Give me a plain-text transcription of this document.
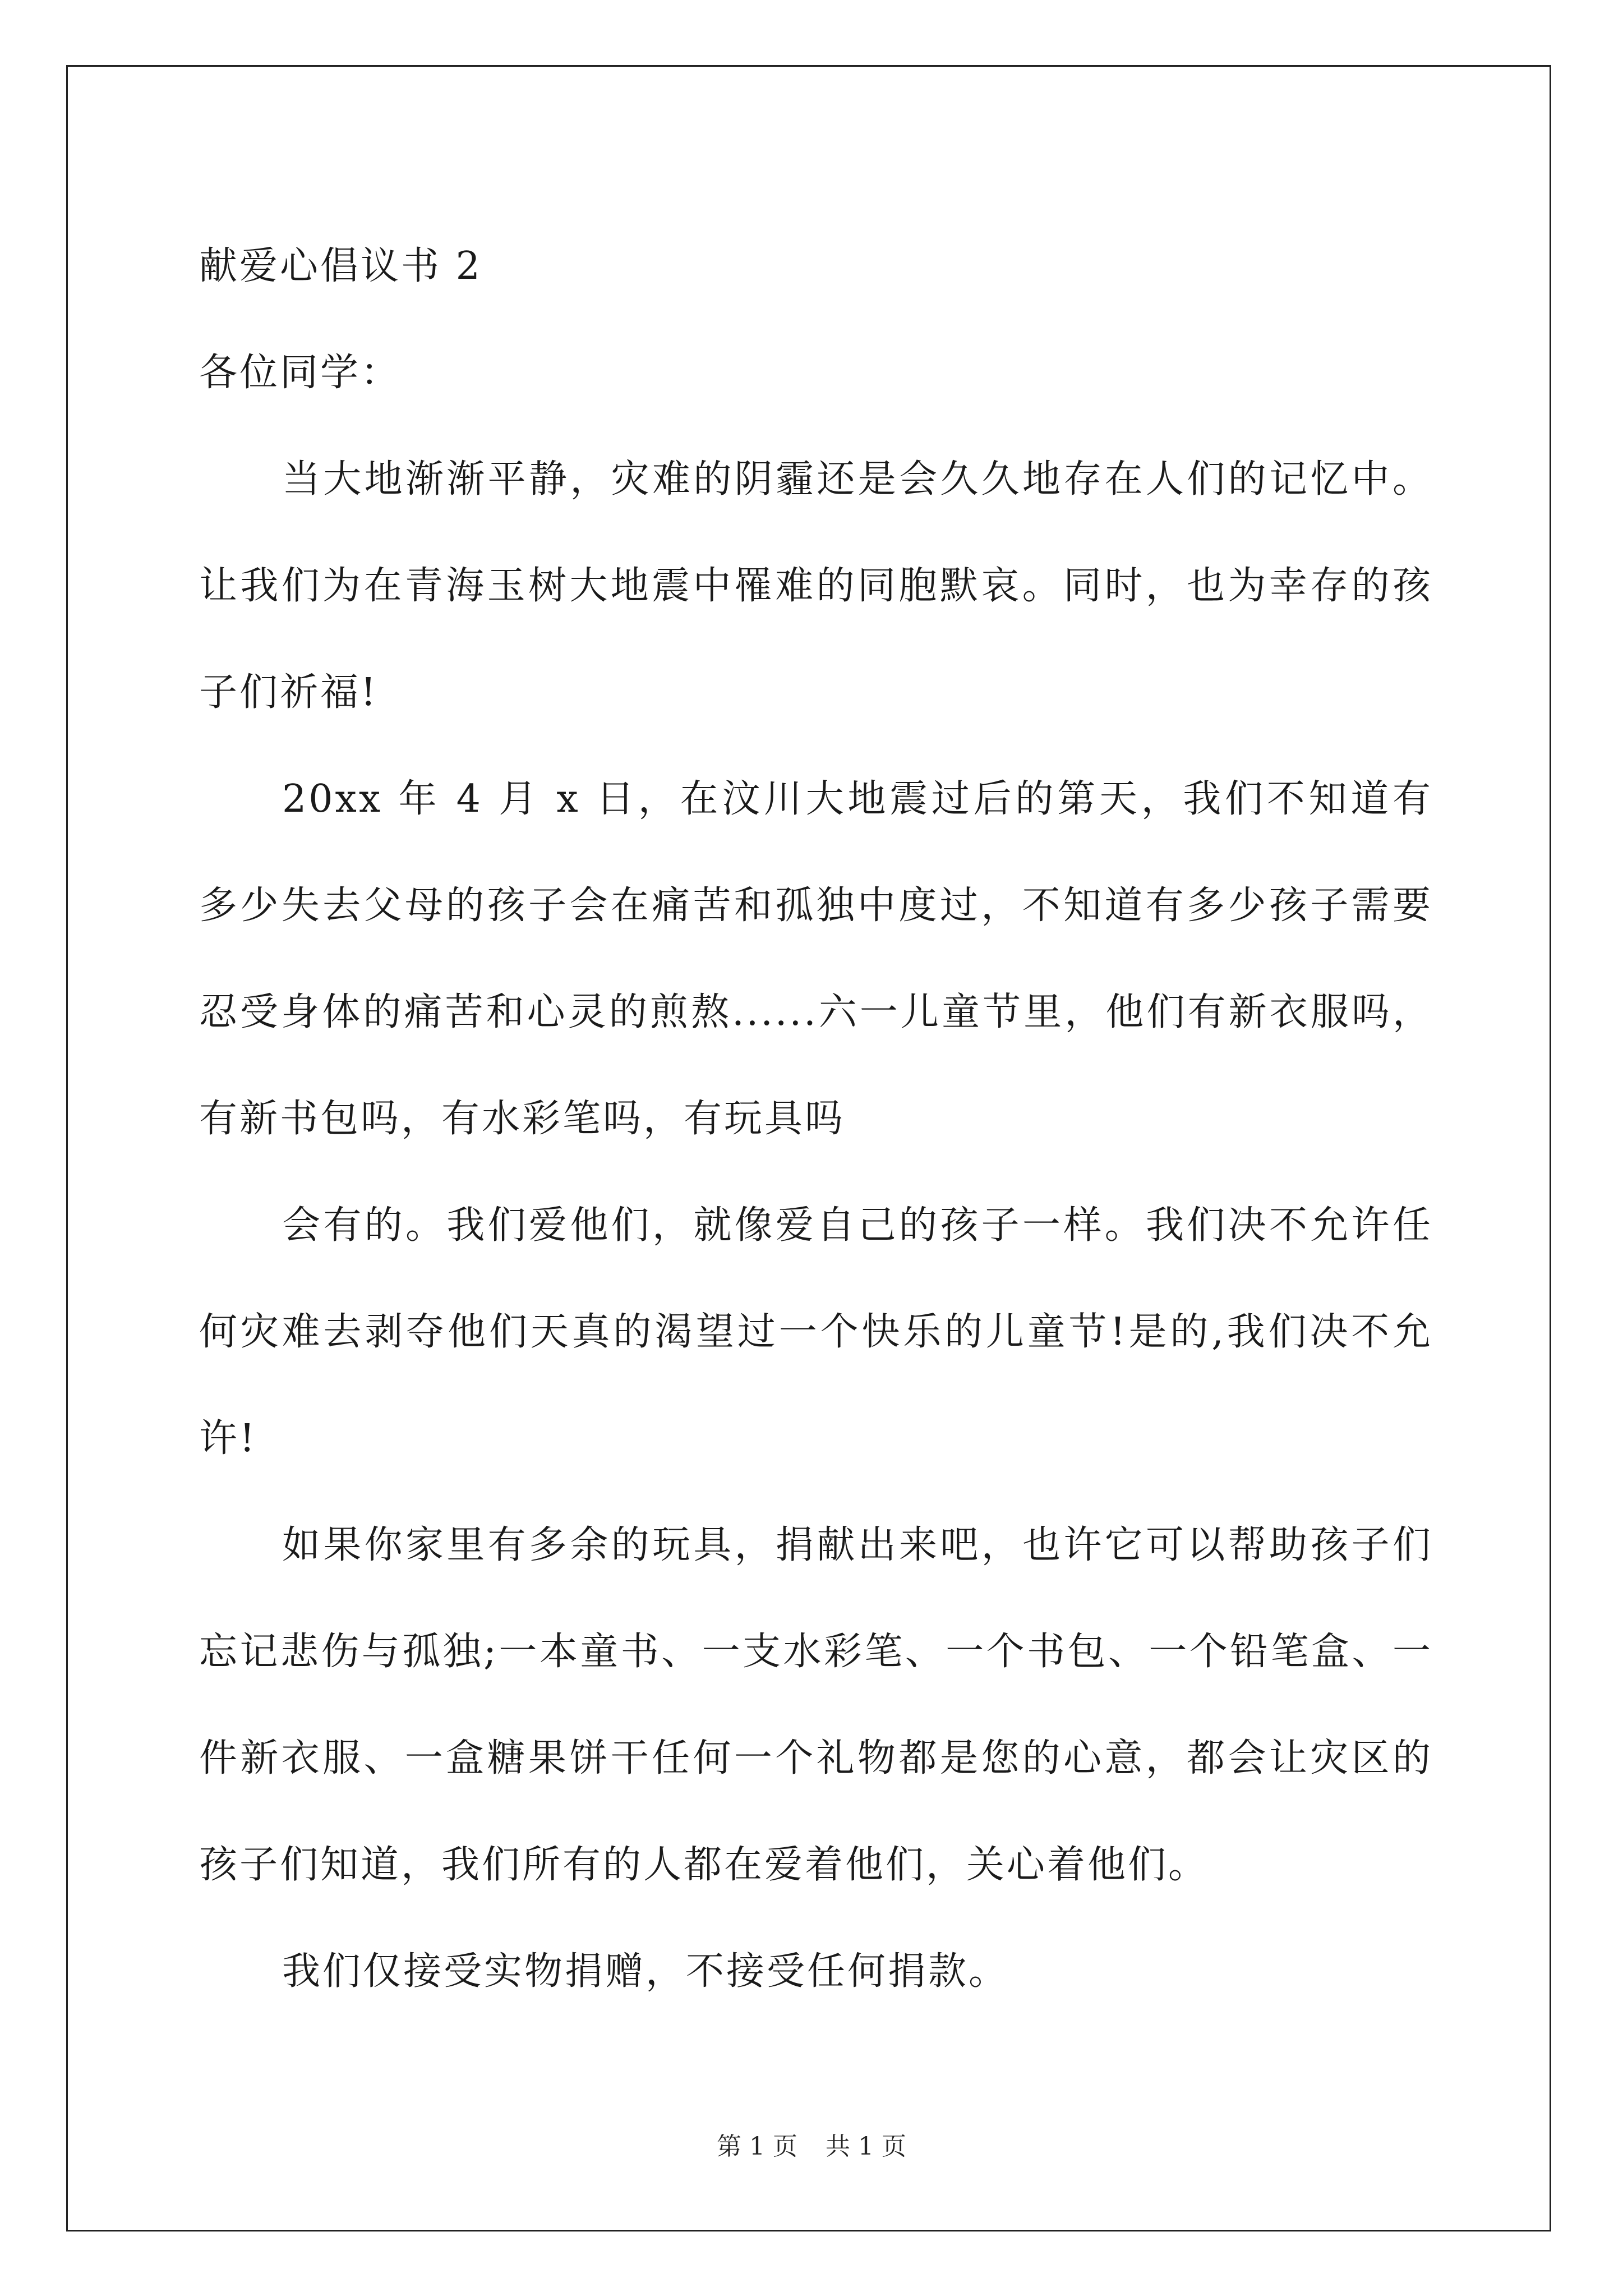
献爱心倡议书 2

各位同学：

当大地渐渐平静，灾难的阴霾还是会久久地存在人们的记忆中。让我们为在青海玉树大地震中罹难的同胞默哀。同时，也为幸存的孩子们祈福!

20xx 年 4 月 x 日，在汶川大地震过后的第天，我们不知道有多少失去父母的孩子会在痛苦和孤独中度过，不知道有多少孩子需要忍受身体的痛苦和心灵的煎熬......六一儿童节里，他们有新衣服吗，有新书包吗，有水彩笔吗，有玩具吗

会有的。我们爱他们，就像爱自己的孩子一样。我们决不允许任何灾难去剥夺他们天真的渴望过一个快乐的儿童节!是的,我们决不允许!

如果你家里有多余的玩具，捐献出来吧，也许它可以帮助孩子们忘记悲伤与孤独;一本童书、一支水彩笔、一个书包、一个铅笔盒、一件新衣服、一盒糖果饼干任何一个礼物都是您的心意，都会让灾区的孩子们知道，我们所有的人都在爱着他们，关心着他们。

我们仅接受实物捐赠，不接受任何捐款。

第 1 页 共 1 页
